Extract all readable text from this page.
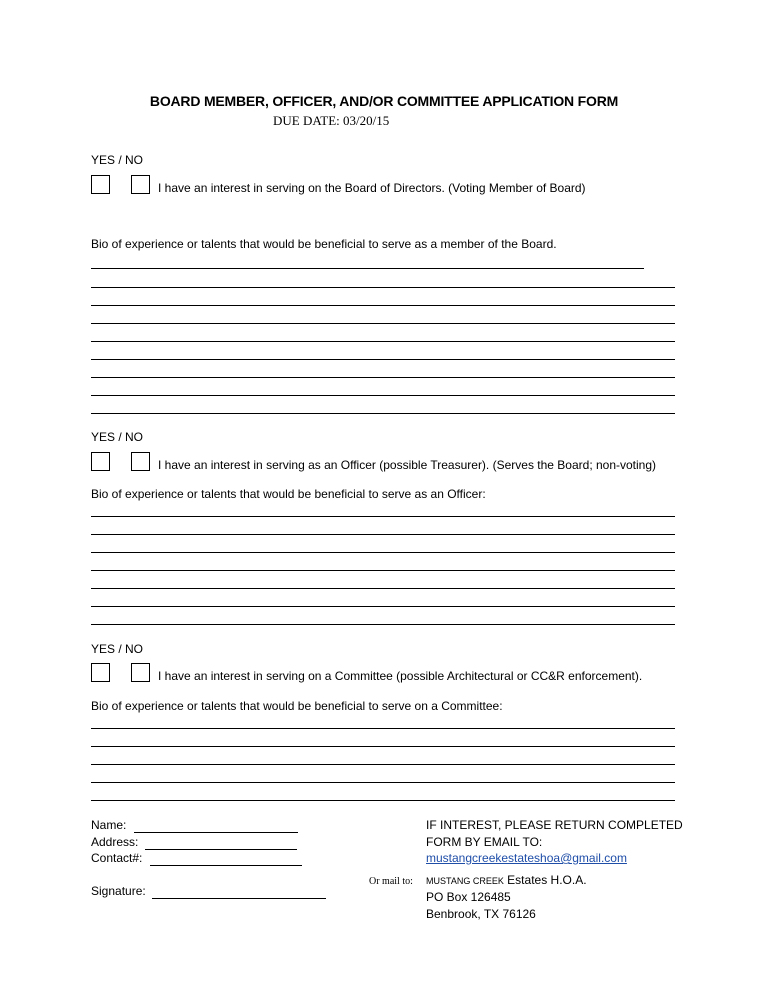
BOARD MEMBER, OFFICER, AND/OR COMMITTEE APPLICATION FORM
DUE DATE: 03/20/15
YES / NO
I have an interest in serving on the Board of Directors. (Voting Member of Board)
Bio of experience or talents that would be beneficial to serve as a member of the Board.
YES / NO
I have an interest in serving as an Officer (possible Treasurer). (Serves the Board; non-voting)
Bio of experience or talents that would be beneficial to serve as an Officer:
YES / NO
I have an interest in serving on a Committee (possible Architectural or CC&R enforcement).
Bio of experience or talents that would be beneficial to serve on a Committee:
Name:
Address:
Contact#:
Signature:
IF INTEREST, PLEASE RETURN COMPLETED
FORM BY EMAIL TO:
mustangcreekestateshoa@gmail.com
Or mail to: MUSTANG CREEK Estates H.O.A.
PO Box 126485
Benbrook, TX 76126
